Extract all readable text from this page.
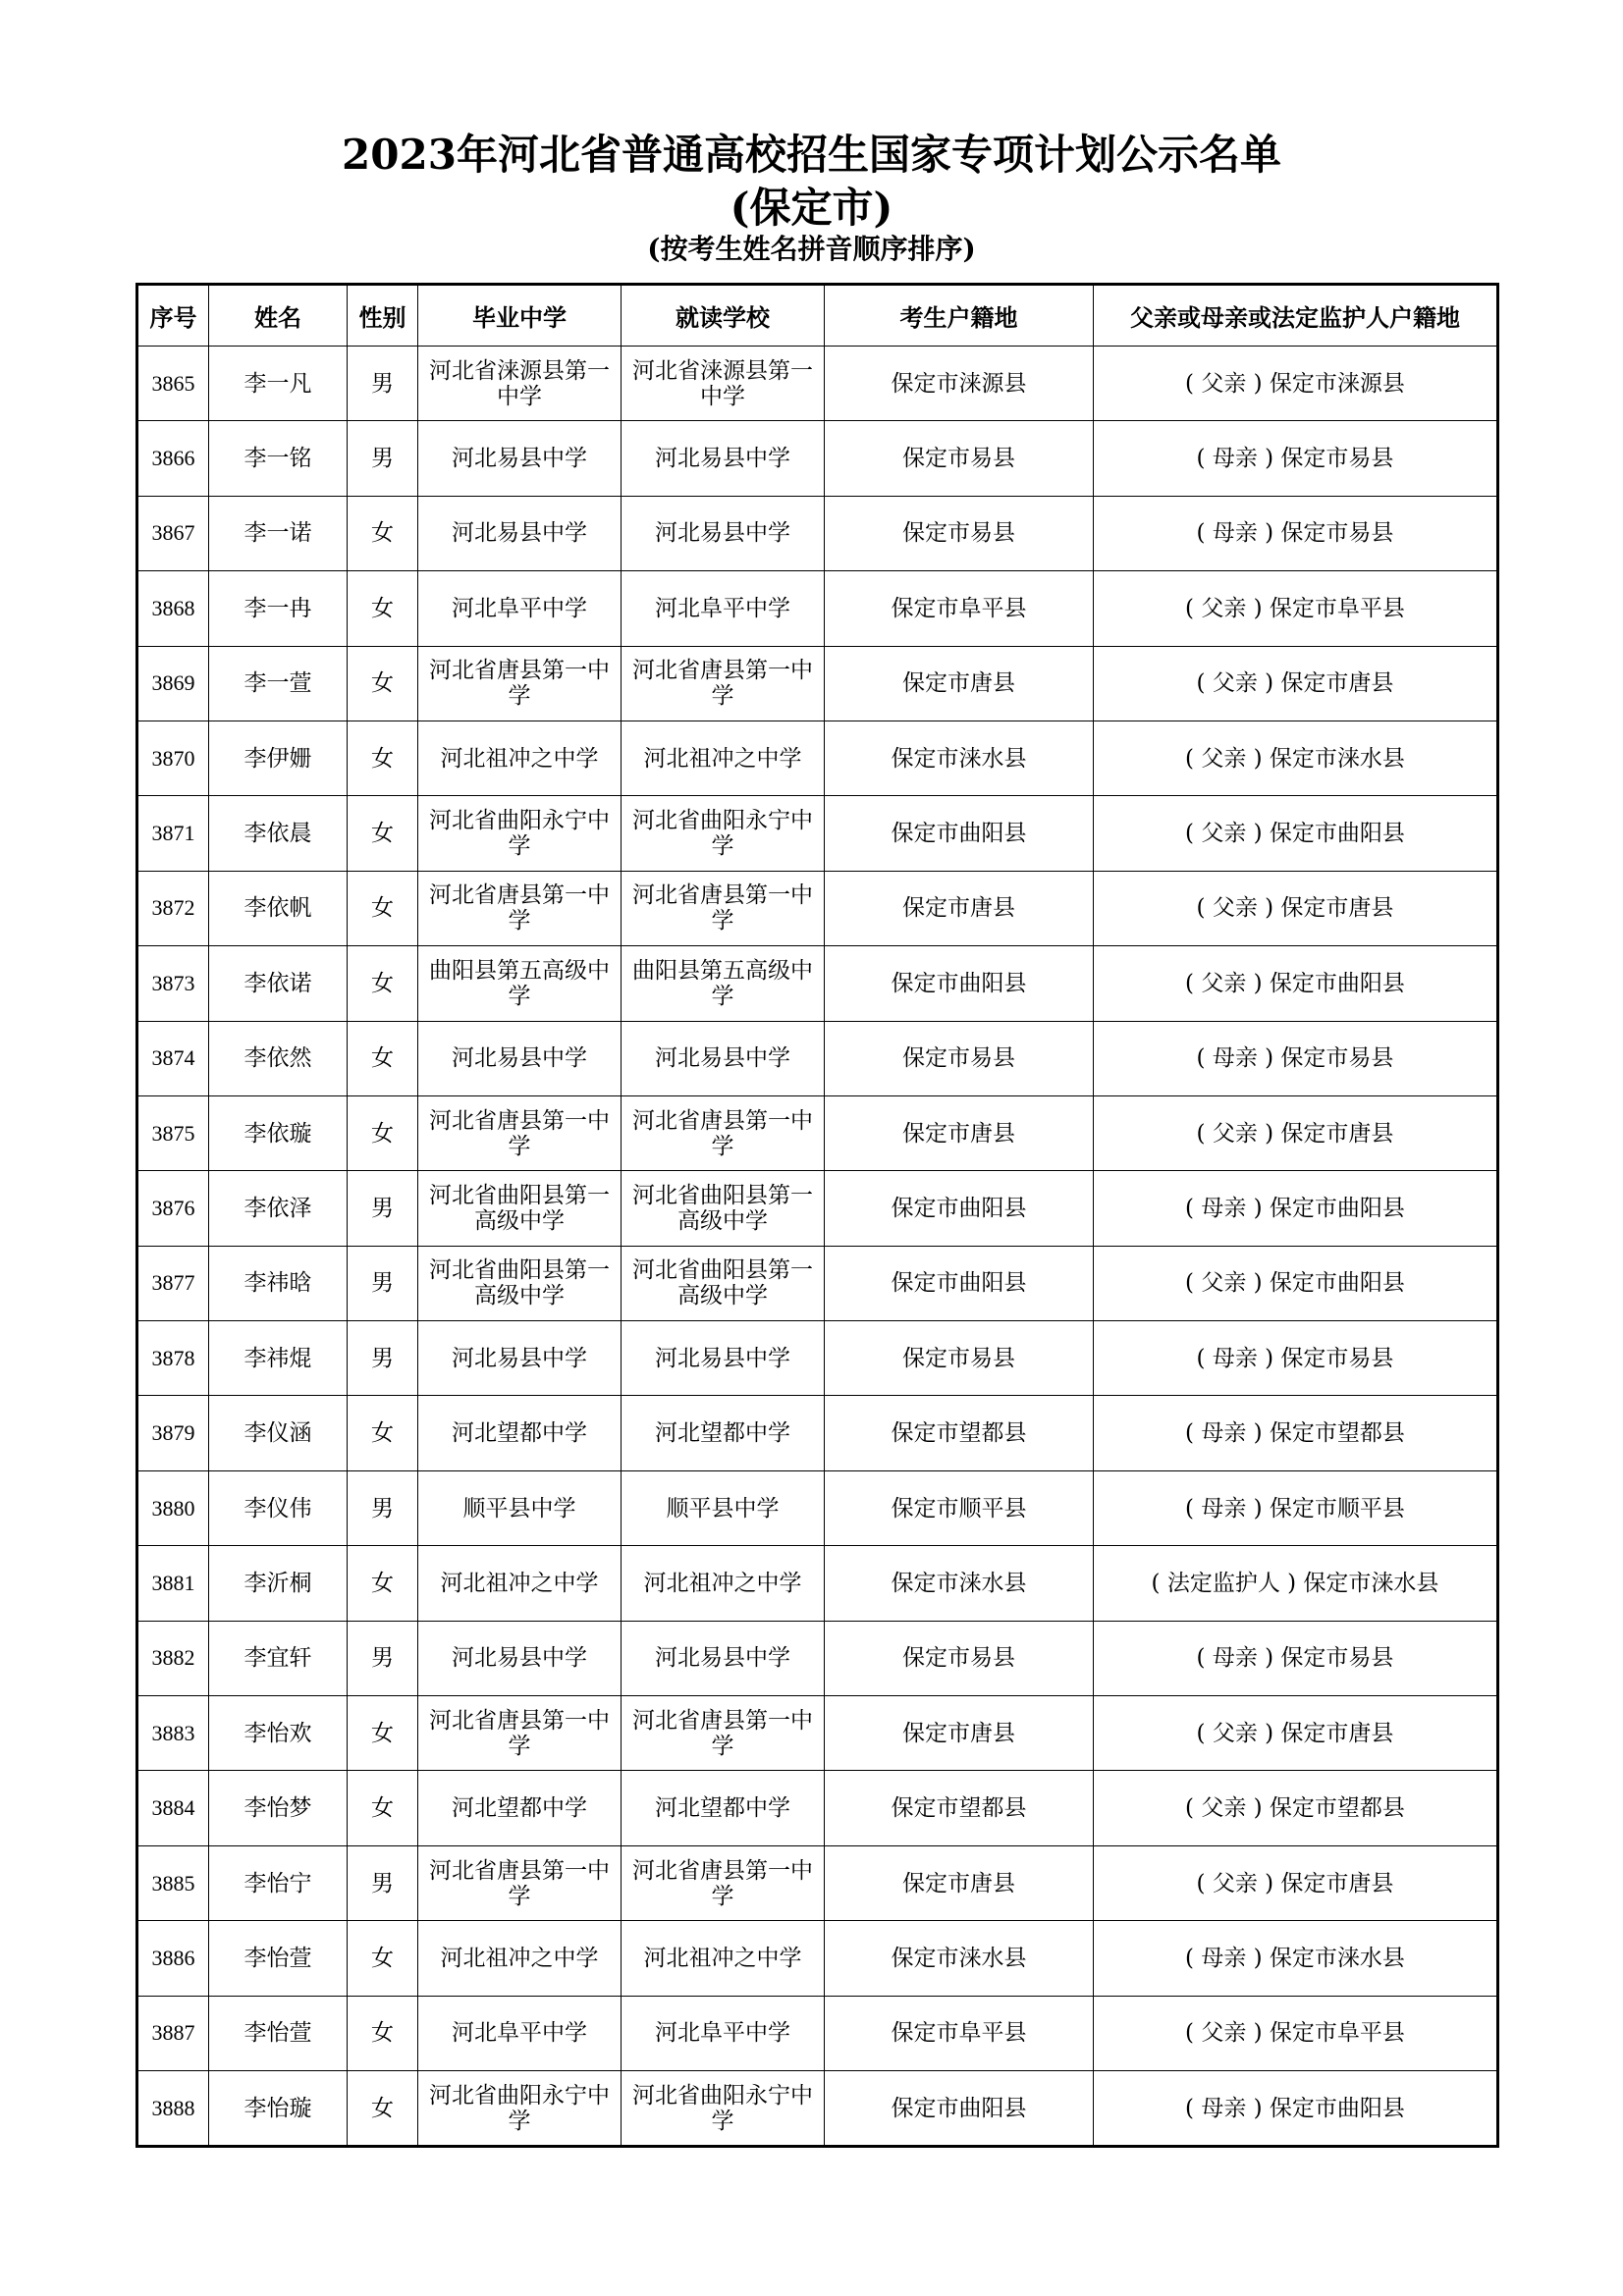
2023年河北省普通高校招生国家专项计划公示名单
(保定市)
(按考生姓名拼音顺序排序)
序号	姓名	性别	毕业中学	就读学校	考生户籍地	父亲或母亲或法定监护人户籍地
3865	李一凡	男	河北省涞源县第一中学	河北省涞源县第一中学	保定市涞源县	( 父亲 ) 保定市涞源县
3866	李一铭	男	河北易县中学	河北易县中学	保定市易县	( 母亲 ) 保定市易县
3867	李一诺	女	河北易县中学	河北易县中学	保定市易县	( 母亲 ) 保定市易县
3868	李一冉	女	河北阜平中学	河北阜平中学	保定市阜平县	( 父亲 ) 保定市阜平县
3869	李一萱	女	河北省唐县第一中学	河北省唐县第一中学	保定市唐县	( 父亲 ) 保定市唐县
3870	李伊姗	女	河北祖冲之中学	河北祖冲之中学	保定市涞水县	( 父亲 ) 保定市涞水县
3871	李依晨	女	河北省曲阳永宁中学	河北省曲阳永宁中学	保定市曲阳县	( 父亲 ) 保定市曲阳县
3872	李依帆	女	河北省唐县第一中学	河北省唐县第一中学	保定市唐县	( 父亲 ) 保定市唐县
3873	李依诺	女	曲阳县第五高级中学	曲阳县第五高级中学	保定市曲阳县	( 父亲 ) 保定市曲阳县
3874	李依然	女	河北易县中学	河北易县中学	保定市易县	( 母亲 ) 保定市易县
3875	李依璇	女	河北省唐县第一中学	河北省唐县第一中学	保定市唐县	( 父亲 ) 保定市唐县
3876	李依泽	男	河北省曲阳县第一高级中学	河北省曲阳县第一高级中学	保定市曲阳县	( 母亲 ) 保定市曲阳县
3877	李祎晗	男	河北省曲阳县第一高级中学	河北省曲阳县第一高级中学	保定市曲阳县	( 父亲 ) 保定市曲阳县
3878	李祎焜	男	河北易县中学	河北易县中学	保定市易县	( 母亲 ) 保定市易县
3879	李仪涵	女	河北望都中学	河北望都中学	保定市望都县	( 母亲 ) 保定市望都县
3880	李仪伟	男	顺平县中学	顺平县中学	保定市顺平县	( 母亲 ) 保定市顺平县
3881	李沂桐	女	河北祖冲之中学	河北祖冲之中学	保定市涞水县	( 法定监护人 ) 保定市涞水县
3882	李宜轩	男	河北易县中学	河北易县中学	保定市易县	( 母亲 ) 保定市易县
3883	李怡欢	女	河北省唐县第一中学	河北省唐县第一中学	保定市唐县	( 父亲 ) 保定市唐县
3884	李怡梦	女	河北望都中学	河北望都中学	保定市望都县	( 父亲 ) 保定市望都县
3885	李怡宁	男	河北省唐县第一中学	河北省唐县第一中学	保定市唐县	( 父亲 ) 保定市唐县
3886	李怡萱	女	河北祖冲之中学	河北祖冲之中学	保定市涞水县	( 母亲 ) 保定市涞水县
3887	李怡萱	女	河北阜平中学	河北阜平中学	保定市阜平县	( 父亲 ) 保定市阜平县
3888	李怡璇	女	河北省曲阳永宁中学	河北省曲阳永宁中学	保定市曲阳县	( 母亲 ) 保定市曲阳县
